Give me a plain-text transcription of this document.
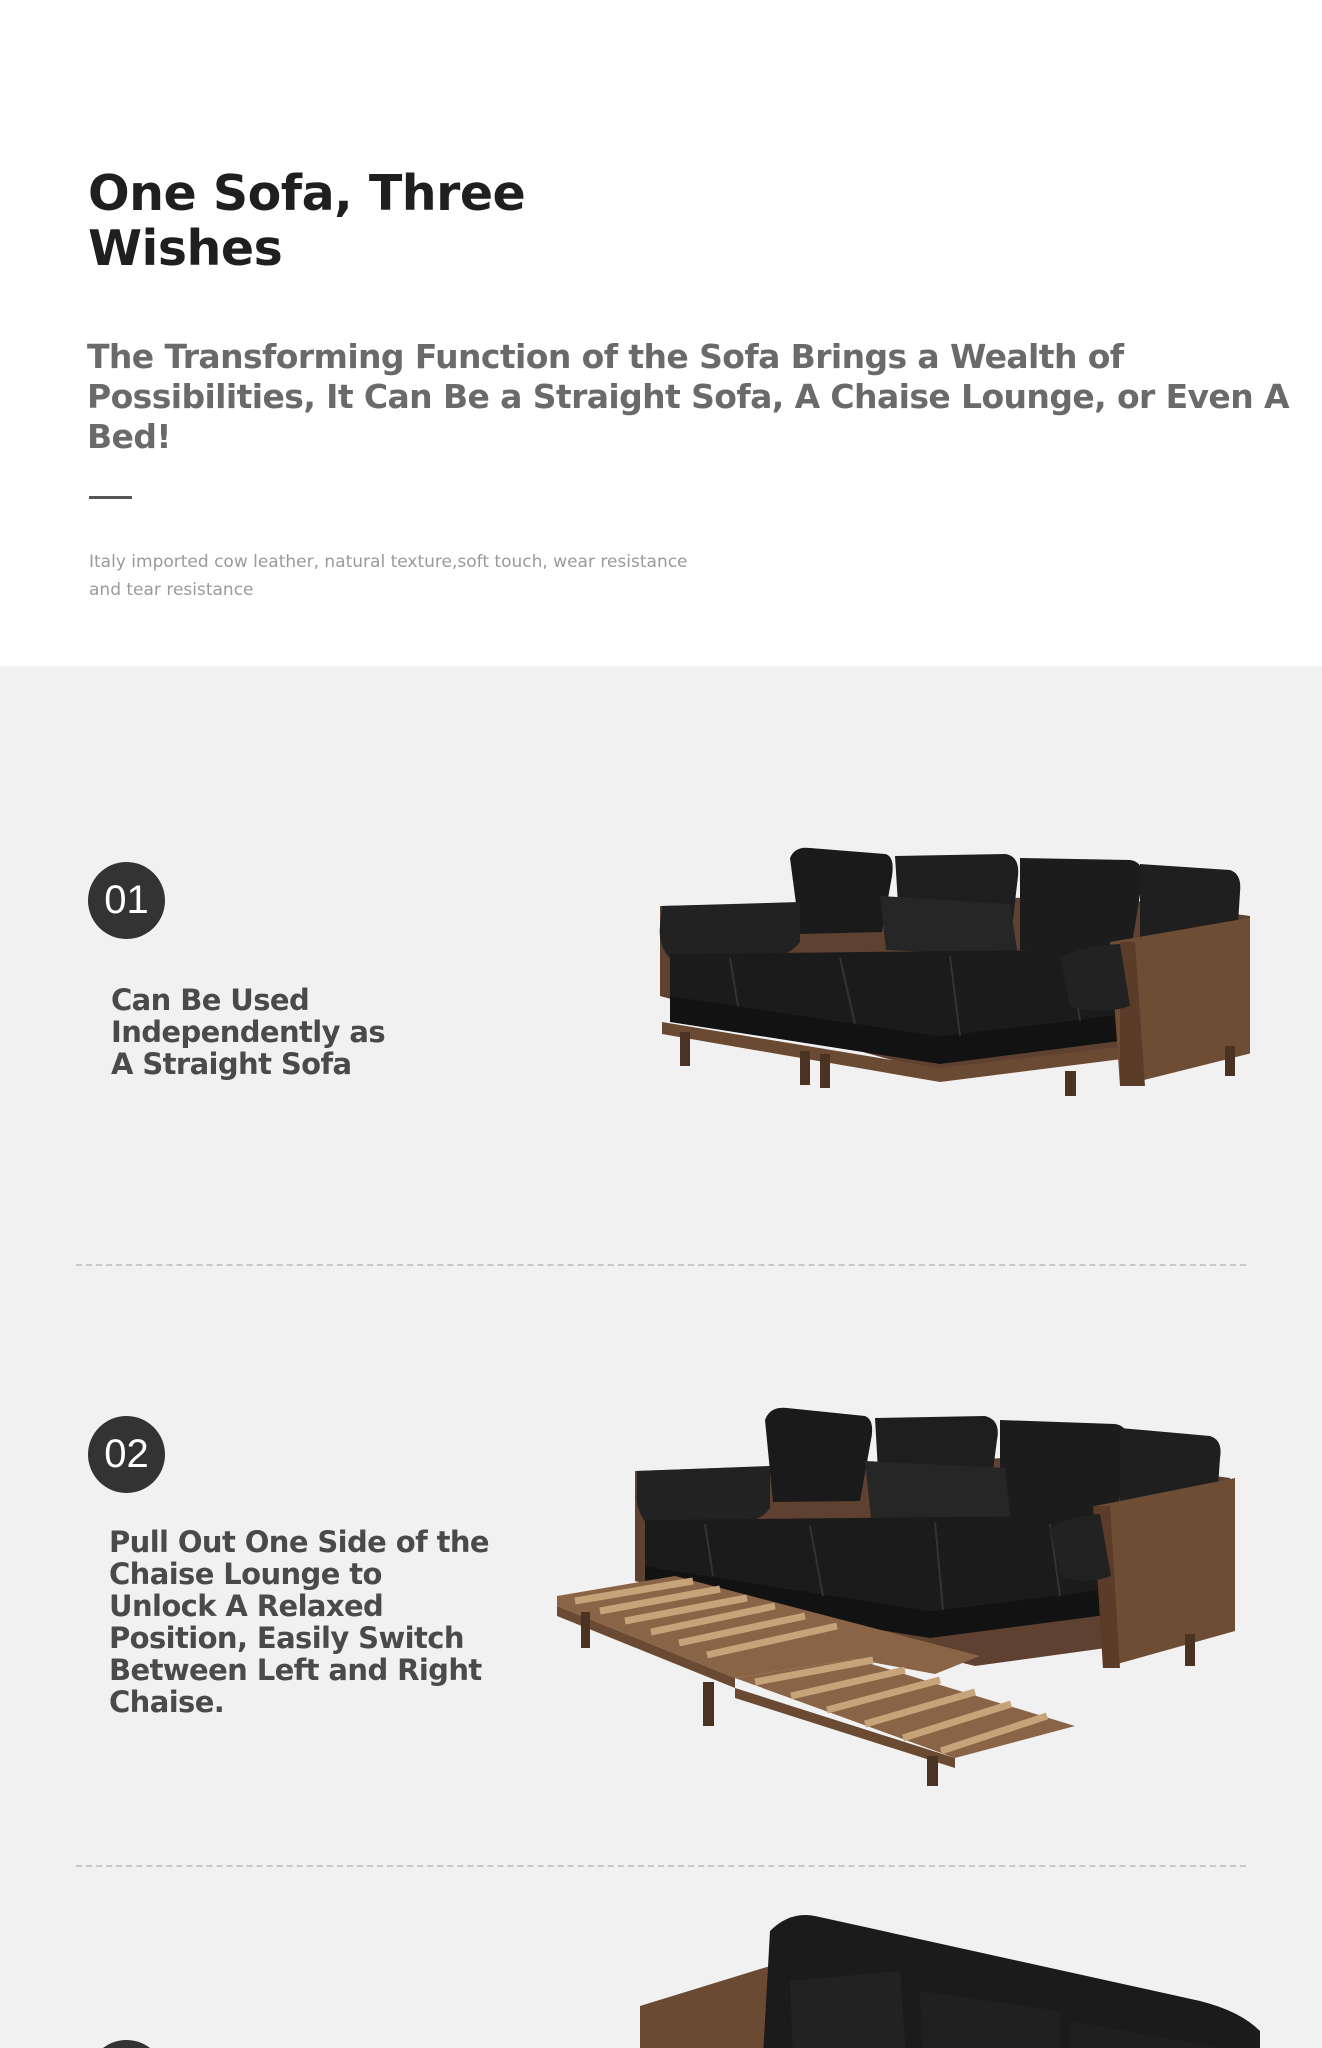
One Sofa, Three Wishes

The Transforming Function of the Sofa Brings a Wealth of Possibilities, It Can Be a Straight Sofa, A Chaise Lounge, or Even A Bed!

Italy imported cow leather, natural texture,soft touch, wear resistance and tear resistance

01

Can Be Used Independently as A Straight Sofa

02

Pull Out One Side of the Chaise Lounge to Unlock A Relaxed Position, Easily Switch Between Left and Right Chaise.
